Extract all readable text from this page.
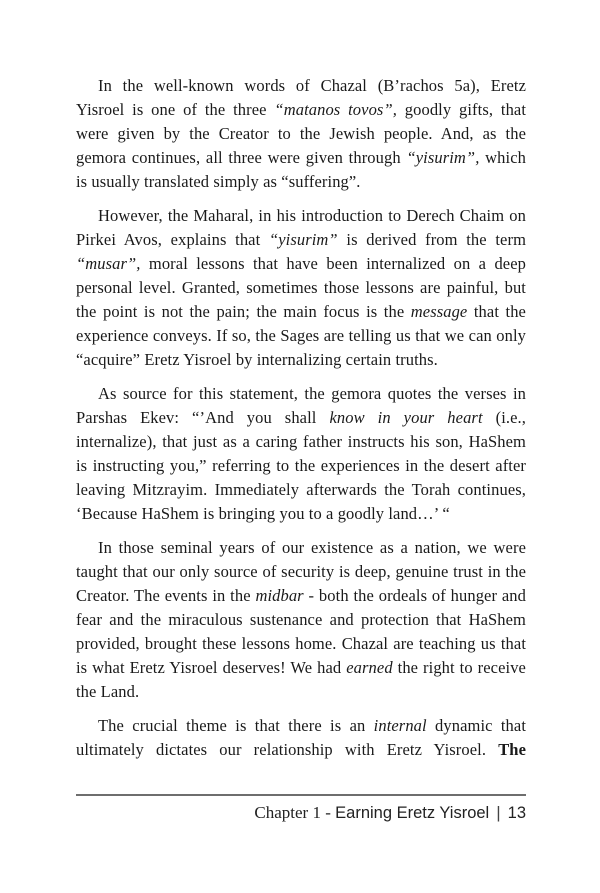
In the well-known words of Chazal (B’rachos 5a), Eretz Yisroel is one of the three “matanos tovos”, goodly gifts, that were given by the Creator to the Jewish people. And, as the gemora continues, all three were given through “yisurim”, which is usually translated simply as “suffering”.

However, the Maharal, in his introduction to Derech Chaim on Pirkei Avos, explains that “yisurim” is derived from the term “musar”, moral lessons that have been internalized on a deep personal level. Granted, sometimes those lessons are painful, but the point is not the pain; the main focus is the message that the experience conveys. If so, the Sages are telling us that we can only “acquire” Eretz Yisroel by internalizing certain truths.

As source for this statement, the gemora quotes the verses in Parshas Ekev: “’And you shall know in your heart (i.e., internalize), that just as a caring father instructs his son, HaShem is instructing you,” referring to the experiences in the desert after leaving Mitzrayim. Immediately afterwards the Torah continues, ‘Because HaShem is bringing you to a goodly land…’ “

In those seminal years of our existence as a nation, we were taught that our only source of security is deep, genuine trust in the Creator. The events in the midbar - both the ordeals of hunger and fear and the miraculous sustenance and protection that HaShem provided, brought these lessons home. Chazal are teaching us that is what Eretz Yisroel deserves! We had earned the right to receive the Land.

The crucial theme is that there is an internal dynamic that ultimately dictates our relationship with Eretz Yisroel. The

Chapter 1 - Earning Eretz Yisroel | 13
